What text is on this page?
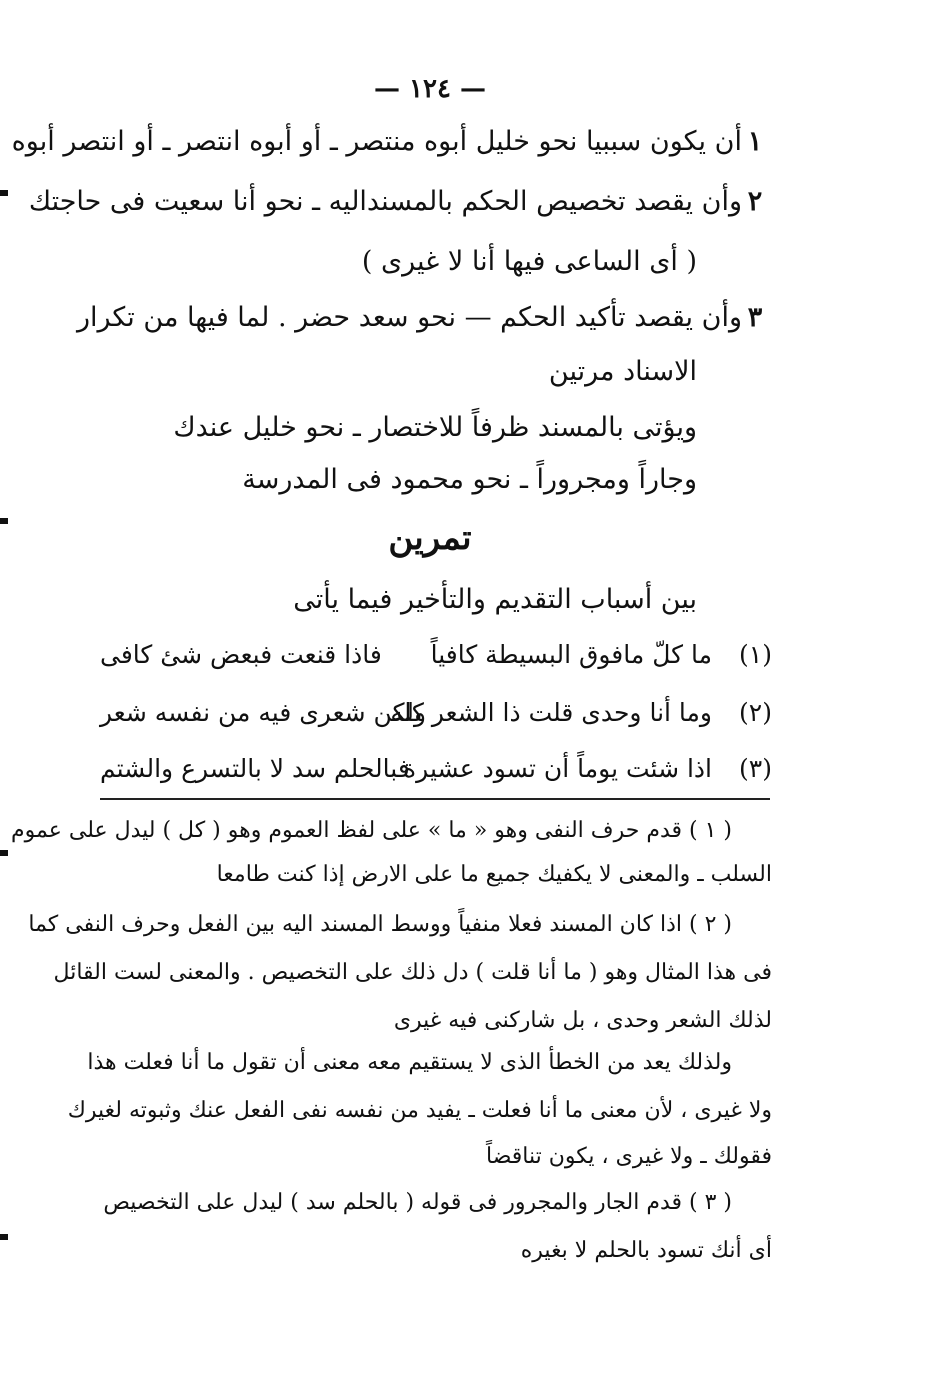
— ١٢٤ —
١
أن يكون سببيا نحو خليل أبوه منتصر ـ أو أبوه انتصر ـ أو انتصر أبوه
٢
وأن يقصد تخصيص الحكم بالمسنداليه ـ نحو أنا سعيت فى حاجتك
( أى الساعى فيها أنا لا غيرى )
٣
وأن يقصد تأكيد الحكم — نحو سعد حضر . لما فيها من تكرار
الاسناد مرتين
ويؤتى بالمسند ظرفاً للاختصار ـ نحو خليل عندك
وجاراً ومجروراً ـ نحو محمود فى المدرسة
تمرين
بين أسباب التقديم والتأخير فيما يأتى
(١)
ما كلّ مافوق البسيطة كافياً
فاذا قنعت فبعض شئ كافى
(٢)
وما أنا وحدى قلت ذا الشعر كله
ولكن شعرى فيه من نفسه شعر
(٣)
اذا شئت يوماً أن تسود عشيرة
فبالحلم سد لا بالتسرع والشتم
( ١ ) قدم حرف النفى وهو « ما » على لفظ العموم وهو ( كل ) ليدل على عموم
السلب ـ والمعنى لا يكفيك جميع ما على الارض إذا كنت طامعا
( ٢ ) اذا كان المسند فعلا منفياً ووسط المسند اليه بين الفعل وحرف النفى كما
فى هذا المثال وهو ( ما أنا قلت ) دل ذلك على التخصيص . والمعنى لست القائل
لذلك الشعر وحدى ، بل شاركنى فيه غيرى
ولذلك يعد من الخطأ الذى لا يستقيم معه معنى أن تقول ما أنا فعلت هذا
ولا غيرى ، لأن معنى ما أنا فعلت ـ يفيد من نفسه نفى الفعل عنك وثبوته لغيرك
فقولك ـ ولا غيرى ، يكون تناقضاً
( ٣ ) قدم الجار والمجرور فى قوله ( بالحلم سد ) ليدل على التخصيص
أى أنك تسود بالحلم لا بغيره
